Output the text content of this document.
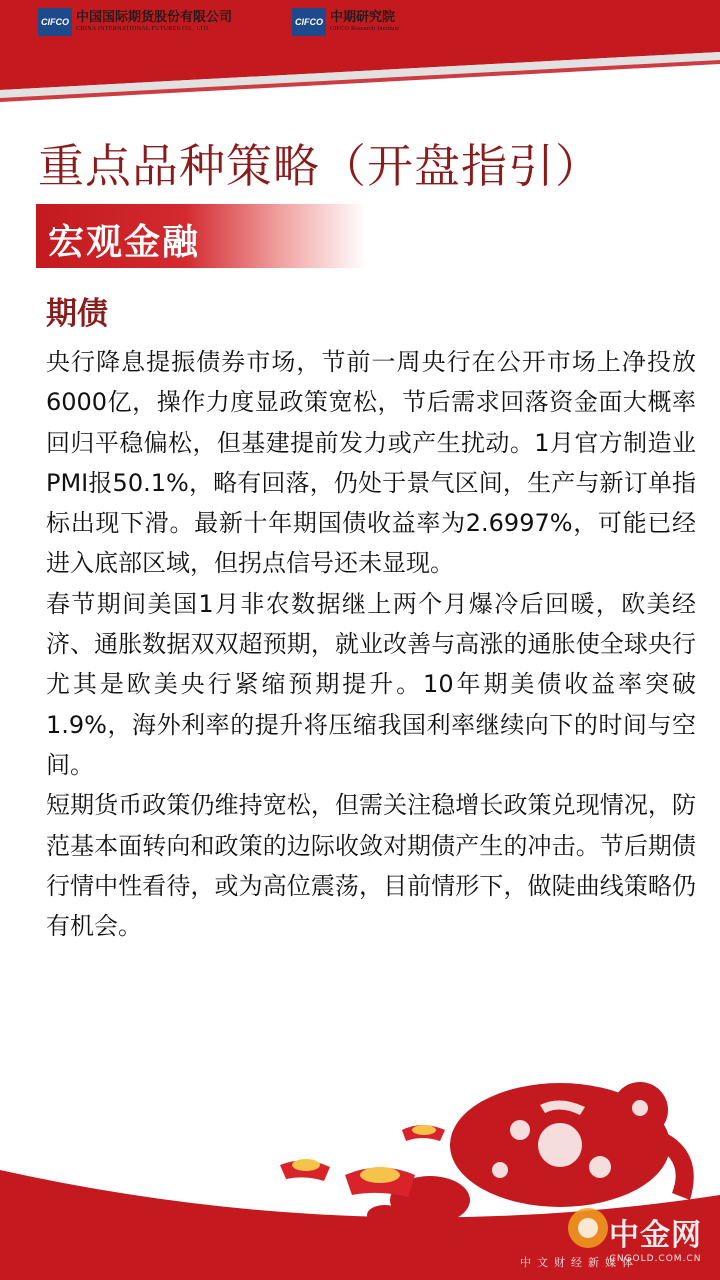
CIFCO 中国国际期货股份有限公司
CHINA INTERNATIONAL FUTURES CO., LTD.
CIFCO 中期研究院
CIFCO Research Institute
重点品种策略（开盘指引）
宏观金融
期债

央行降息提振债券市场，节前一周央行在公开市场上净投放6000亿，操作力度显政策宽松，节后需求回落资金面大概率回归平稳偏松，但基建提前发力或产生扰动。1月官方制造业PMI报50.1%，略有回落，仍处于景气区间，生产与新订单指标出现下滑。最新十年期国债收益率为2.6997%，可能已经进入底部区域，但拐点信号还未显现。

春节期间美国1月非农数据继上两个月爆冷后回暖，欧美经济、通胀数据双双超预期，就业改善与高涨的通胀使全球央行尤其是欧美央行紧缩预期提升。10年期美债收益率突破1.9%，海外利率的提升将压缩我国利率继续向下的时间与空间。

短期货币政策仍维持宽松，但需关注稳增长政策兑现情况，防范基本面转向和政策的边际收敛对期债产生的冲击。节后期债行情中性看待，或为高位震荡，目前情形下，做陡曲线策略仍有机会。

中金网
CNGOLD.COM.CN
中文财经新媒体
